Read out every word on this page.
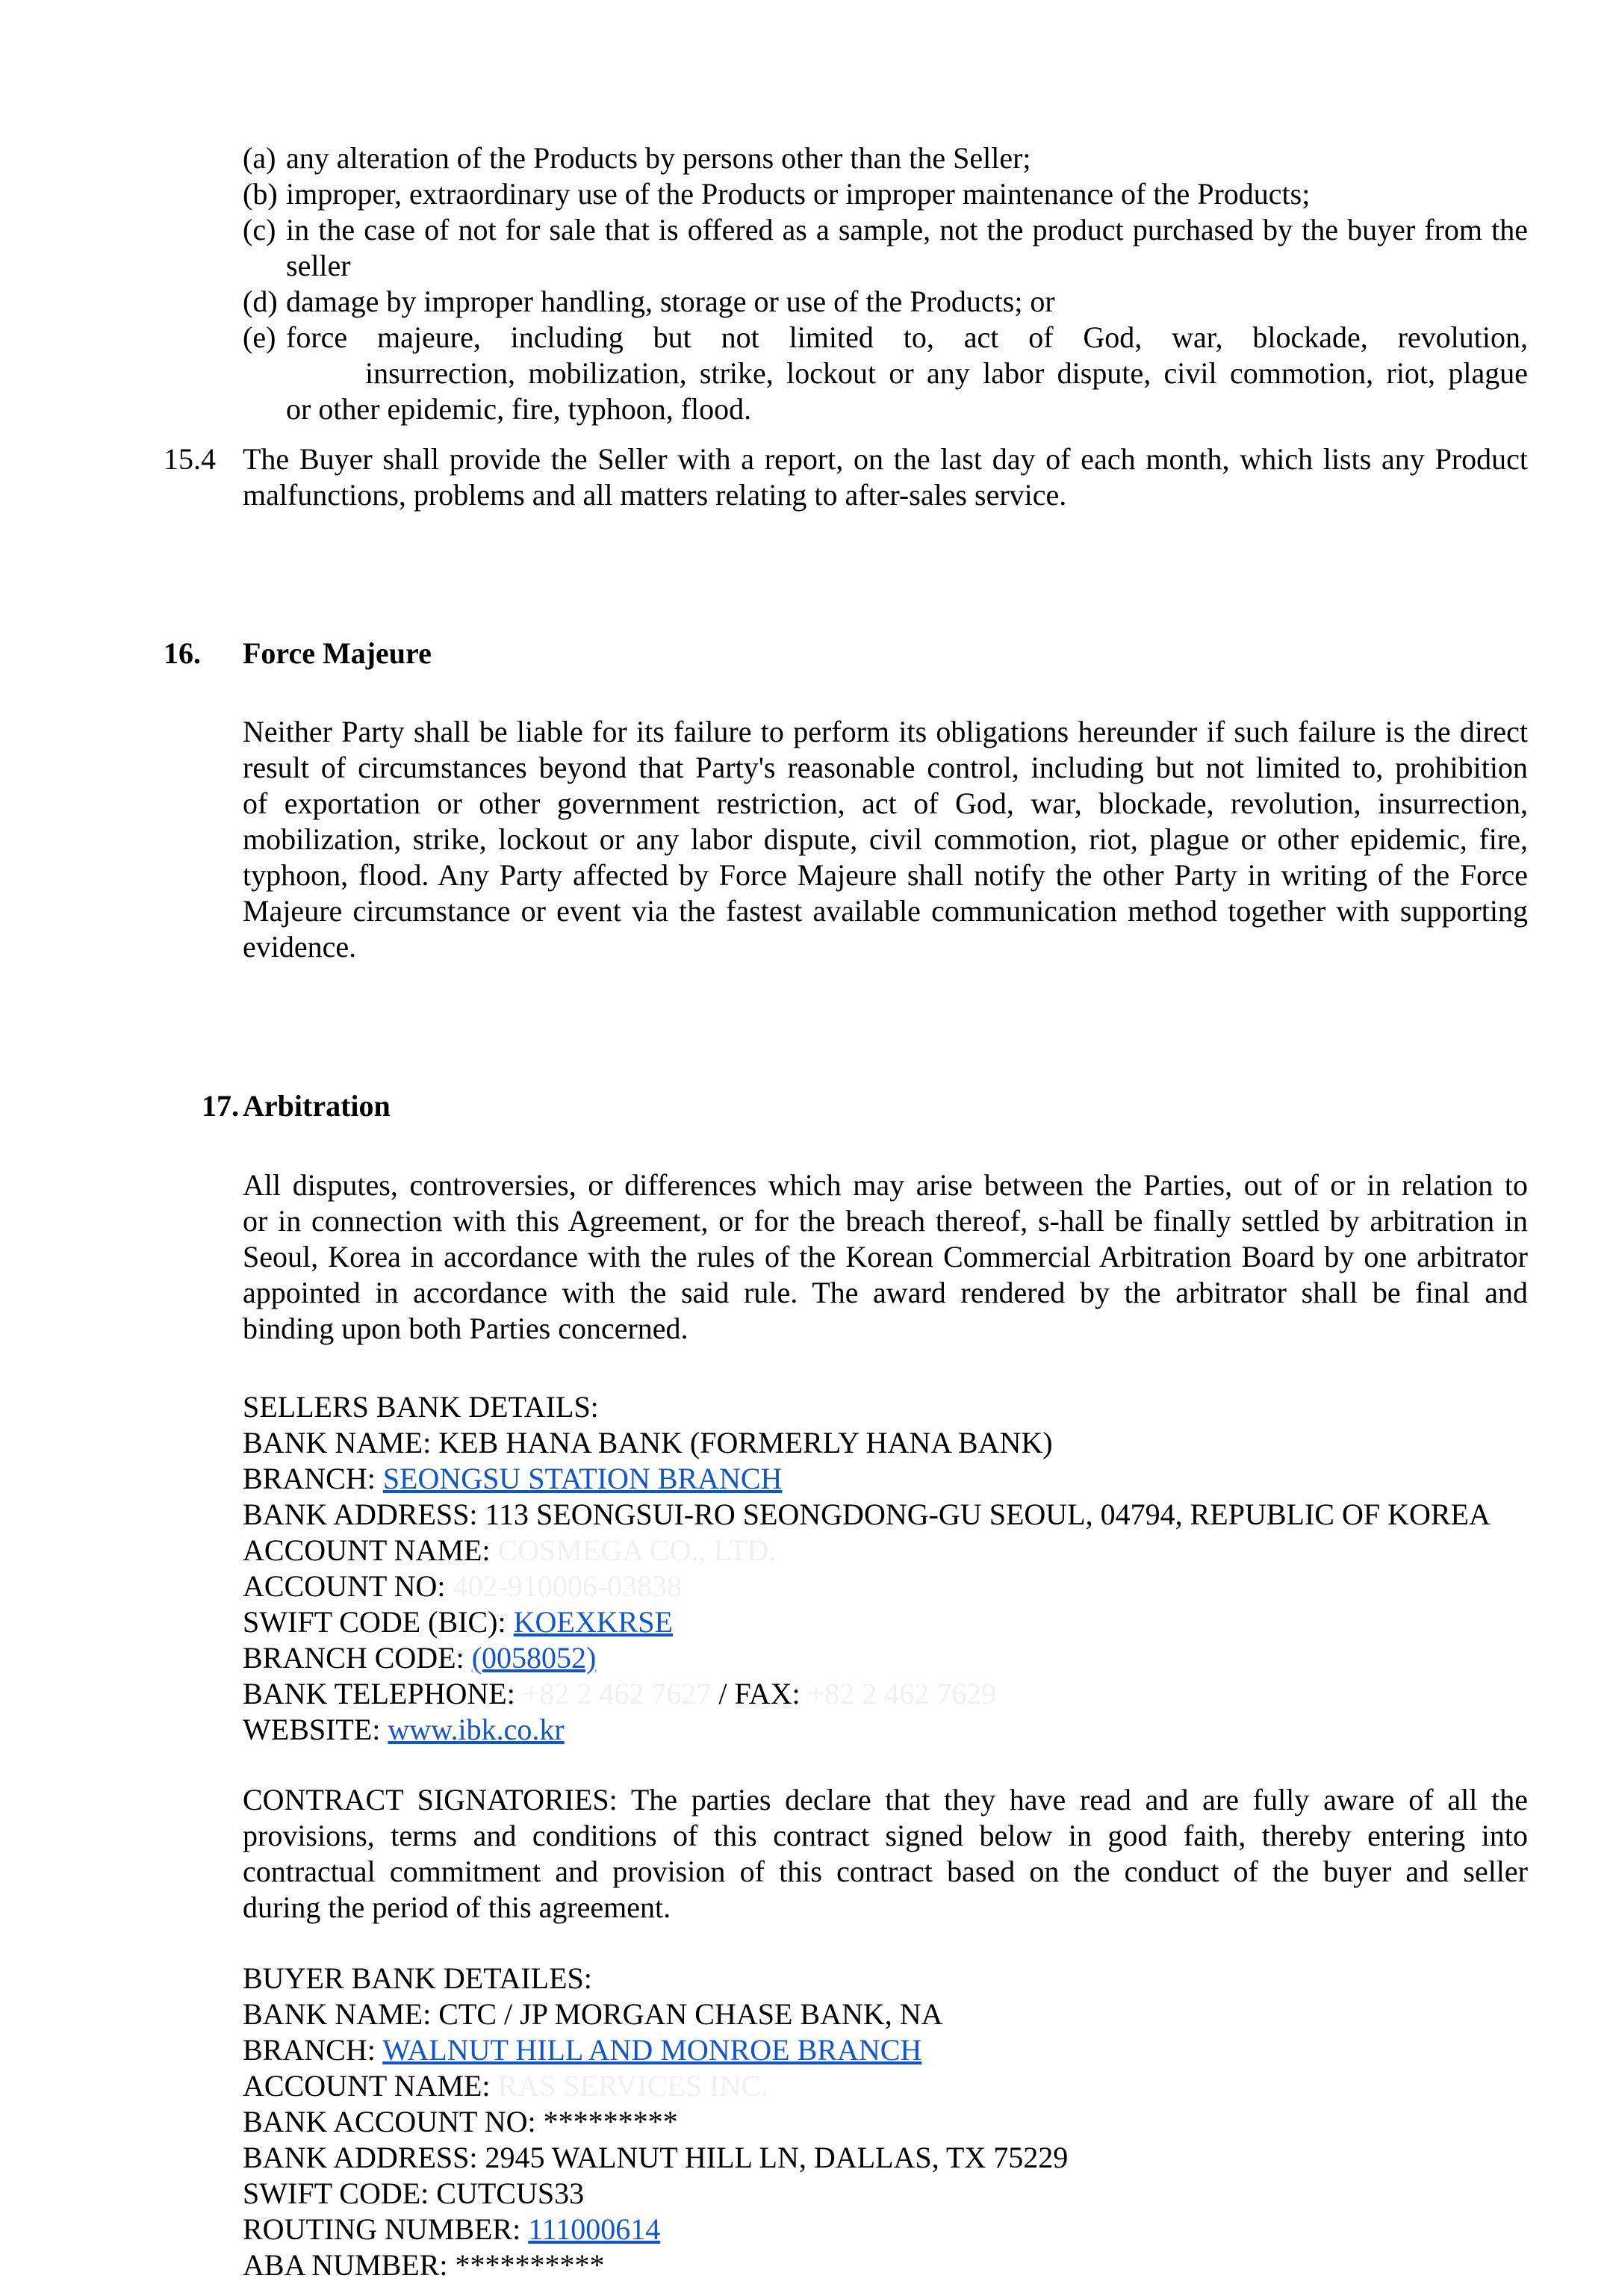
(a) any alteration of the Products by persons other than the Seller;
(b) improper, extraordinary use of the Products or improper maintenance of the Products;
(c) in the case of not for sale that is offered as a sample, not the product purchased by the buyer from the
seller
(d) damage by improper handling, storage or use of the Products; or
(e) force majeure, including but not limited to, act of God, war, blockade, revolution,
insurrection, mobilization, strike, lockout or any labor dispute, civil commotion, riot, plague
or other epidemic, fire, typhoon, flood.
15.4 The Buyer shall provide the Seller with a report, on the last day of each month, which lists any Product
malfunctions, problems and all matters relating to after-sales service.
16. Force Majeure
Neither Party shall be liable for its failure to perform its obligations hereunder if such failure is the direct
result of circumstances beyond that Party's reasonable control, including but not limited to, prohibition
of exportation or other government restriction, act of God, war, blockade, revolution, insurrection,
mobilization, strike, lockout or any labor dispute, civil commotion, riot, plague or other epidemic, fire,
typhoon, flood. Any Party affected by Force Majeure shall notify the other Party in writing of the Force
Majeure circumstance or event via the fastest available communication method together with supporting
evidence.
17. Arbitration
All disputes, controversies, or differences which may arise between the Parties, out of or in relation to
or in connection with this Agreement, or for the breach thereof, s-hall be finally settled by arbitration in
Seoul, Korea in accordance with the rules of the Korean Commercial Arbitration Board by one arbitrator
appointed in accordance with the said rule. The award rendered by the arbitrator shall be final and
binding upon both Parties concerned.
SELLERS BANK DETAILS:
BANK NAME: KEB HANA BANK (FORMERLY HANA BANK)
BRANCH: SEONGSU STATION BRANCH
BANK ADDRESS: 113 SEONGSUI-RO SEONGDONG-GU SEOUL, 04794, REPUBLIC OF KOREA
ACCOUNT NAME: COSMEGA CO., LTD.
ACCOUNT NO: 402-910006-03838
SWIFT CODE (BIC): KOEXKRSE
BRANCH CODE: (0058052)
BANK TELEPHONE: +82 2 462 7627 / FAX: +82 2 462 7629
WEBSITE: www.ibk.co.kr
CONTRACT SIGNATORIES: The parties declare that they have read and are fully aware of all the
provisions, terms and conditions of this contract signed below in good faith, thereby entering into
contractual commitment and provision of this contract based on the conduct of the buyer and seller
during the period of this agreement.
BUYER BANK DETAILES:
BANK NAME: CTC / JP MORGAN CHASE BANK, NA
BRANCH: WALNUT HILL AND MONROE BRANCH
ACCOUNT NAME: RAS SERVICES INC.
BANK ACCOUNT NO: *********
BANK ADDRESS: 2945 WALNUT HILL LN, DALLAS, TX 75229
SWIFT CODE: CUTCUS33
ROUTING NUMBER: 111000614
ABA NUMBER: **********
